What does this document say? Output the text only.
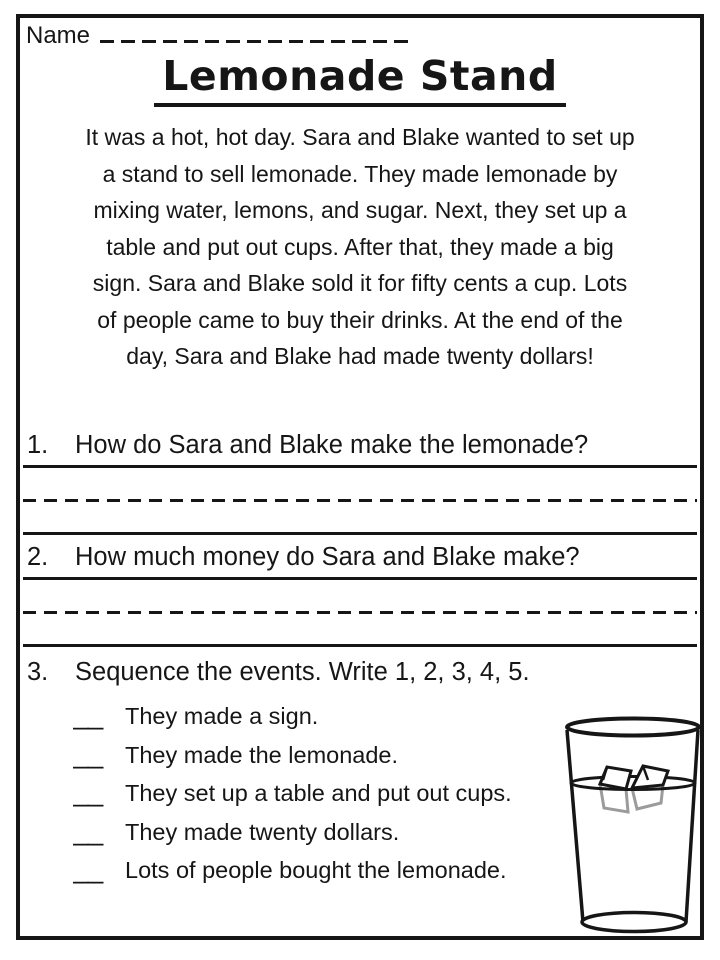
Name
Lemonade Stand
It was a hot, hot day. Sara and Blake wanted to set up
a stand to sell lemonade. They made lemonade by
mixing water, lemons, and sugar. Next, they set up a
table and put out cups. After that, they made a big
sign. Sara and Blake sold it for fifty cents a cup. Lots
of people came to buy their drinks. At the end of the
day, Sara and Blake had made twenty dollars!
1.	How do Sara and Blake make the lemonade?
2.	How much money do Sara and Blake make?
3.	Sequence the events. Write 1, 2, 3, 4, 5.
__ They made a sign.
__ They made the lemonade.
__ They set up a table and put out cups.
__ They made twenty dollars.
__ Lots of people bought the lemonade.
